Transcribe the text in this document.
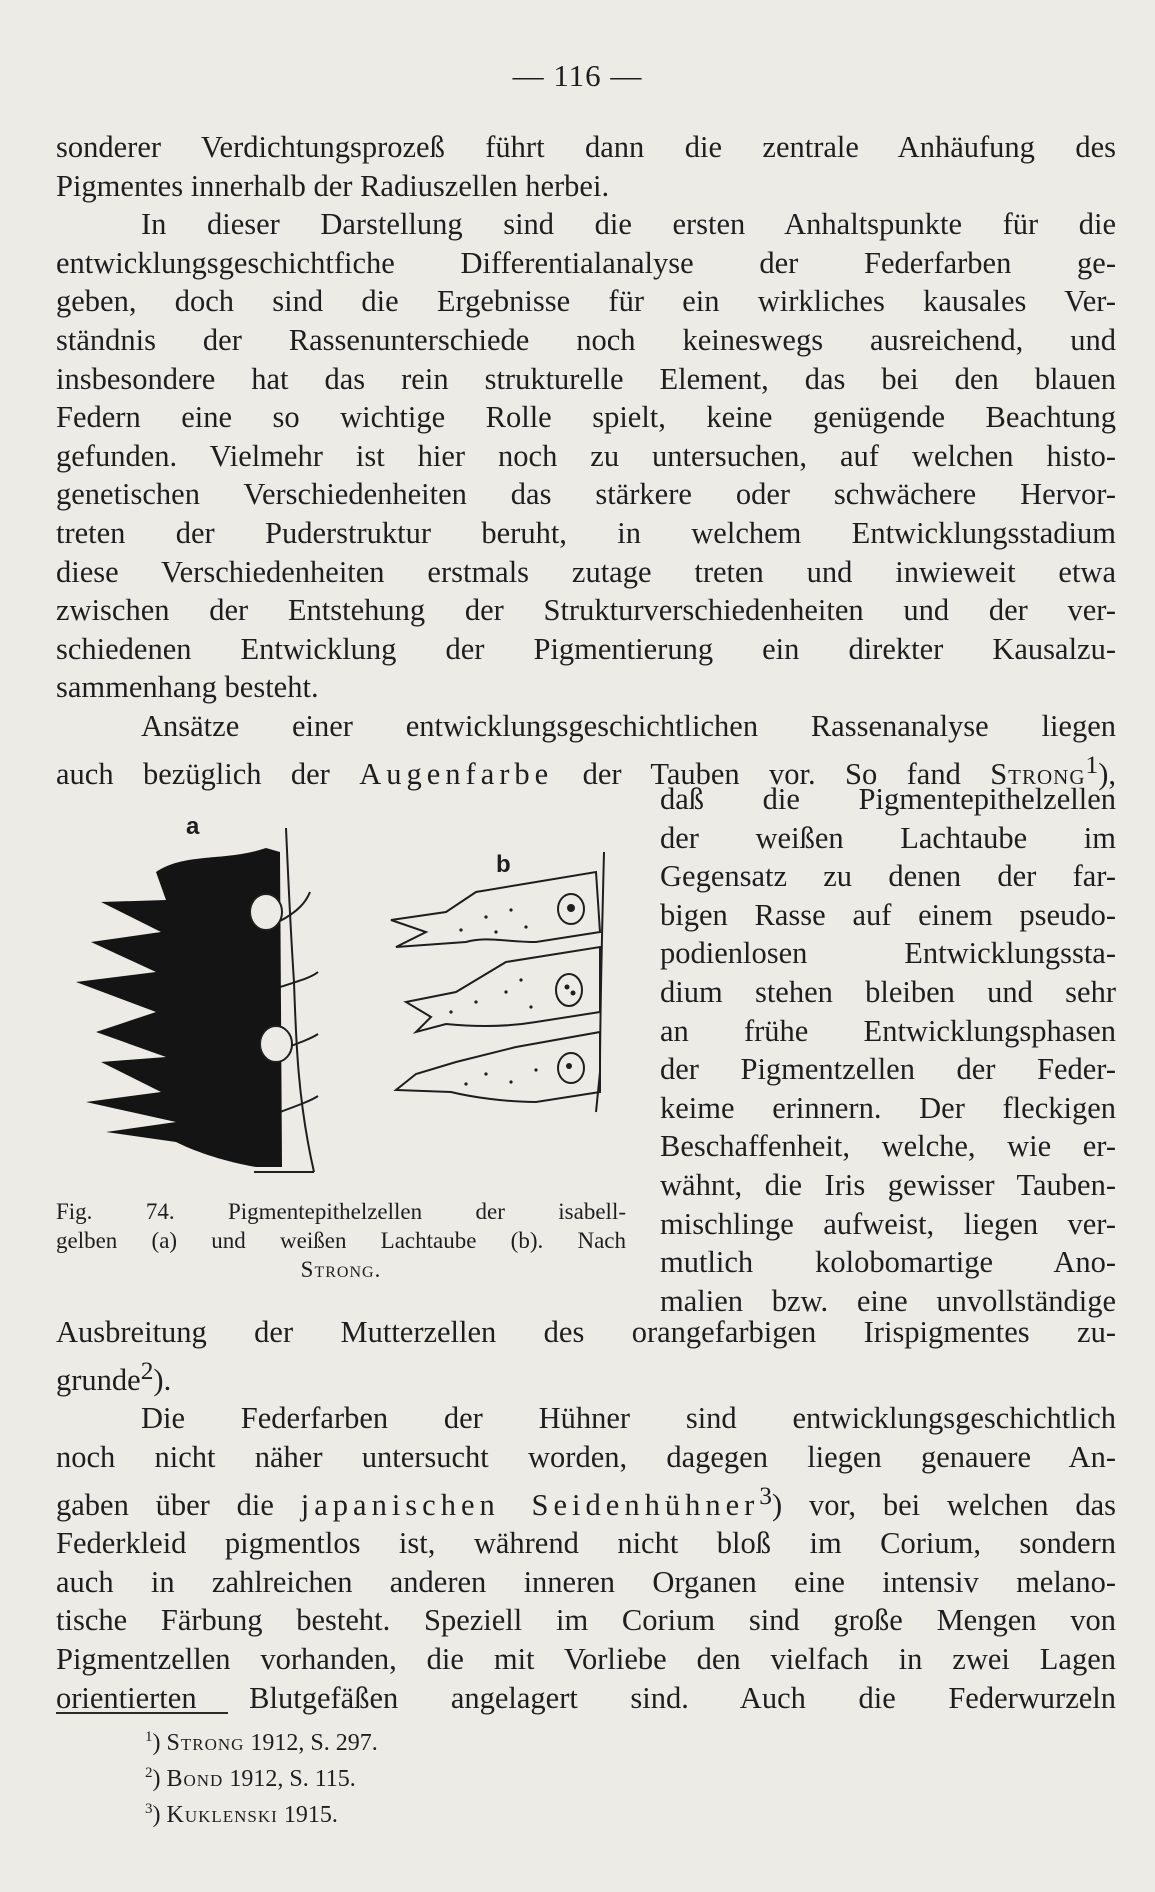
— 116 —
sonderer Verdichtungsprozeß führt dann die zentrale Anhäufung des
Pigmentes innerhalb der Radiuszellen herbei.
In dieser Darstellung sind die ersten Anhaltspunkte für die
entwicklungsgeschichtfiche Differentialanalyse der Federfarben ge-
geben, doch sind die Ergebnisse für ein wirkliches kausales Ver-
ständnis der Rassenunterschiede noch keineswegs ausreichend, und
insbesondere hat das rein strukturelle Element, das bei den blauen
Federn eine so wichtige Rolle spielt, keine genügende Beachtung
gefunden. Vielmehr ist hier noch zu untersuchen, auf welchen histo-
genetischen Verschiedenheiten das stärkere oder schwächere Hervor-
treten der Puderstruktur beruht, in welchem Entwicklungsstadium
diese Verschiedenheiten erstmals zutage treten und inwieweit etwa
zwischen der Entstehung der Strukturverschiedenheiten und der ver-
schiedenen Entwicklung der Pigmentierung ein direkter Kausalzu-
sammenhang besteht.
Ansätze einer entwicklungsgeschichtlichen Rassenanalyse liegen
auch bezüglich der Augenfarbe der Tauben vor. So fand Strong$^1$),
a
b
Fig. 74. Pigmentepithelzellen der isabell-
gelben (a) und weißen Lachtaube (b). Nach
Strong.
daß die Pigmentepithelzellen
der weißen Lachtaube im
Gegensatz zu denen der far-
bigen Rasse auf einem pseudo-
podienlosen Entwicklungssta-
dium stehen bleiben und sehr
an frühe Entwicklungsphasen
der Pigmentzellen der Feder-
keime erinnern. Der fleckigen
Beschaffenheit, welche, wie er-
wähnt, die Iris gewisser Tauben-
mischlinge aufweist, liegen ver-
mutlich kolobomartige Ano-
malien bzw. eine unvollständige
Ausbreitung der Mutterzellen des orangefarbigen Irispigmentes zu-
grunde$^2$).
Die Federfarben der Hühner sind entwicklungsgeschichtlich
noch nicht näher untersucht worden, dagegen liegen genauere An-
gaben über die japanischen Seidenhühner$^3$) vor, bei welchen das
Federkleid pigmentlos ist, während nicht bloß im Corium, sondern
auch in zahlreichen anderen inneren Organen eine intensiv melano-
tische Färbung besteht. Speziell im Corium sind große Mengen von
Pigmentzellen vorhanden, die mit Vorliebe den vielfach in zwei Lagen
orientierten Blutgefäßen angelagert sind. Auch die Federwurzeln
$^1$) Strong 1912, S. 297.
$^2$) Bond 1912, S. 115.
$^3$) Kuklenski 1915.
